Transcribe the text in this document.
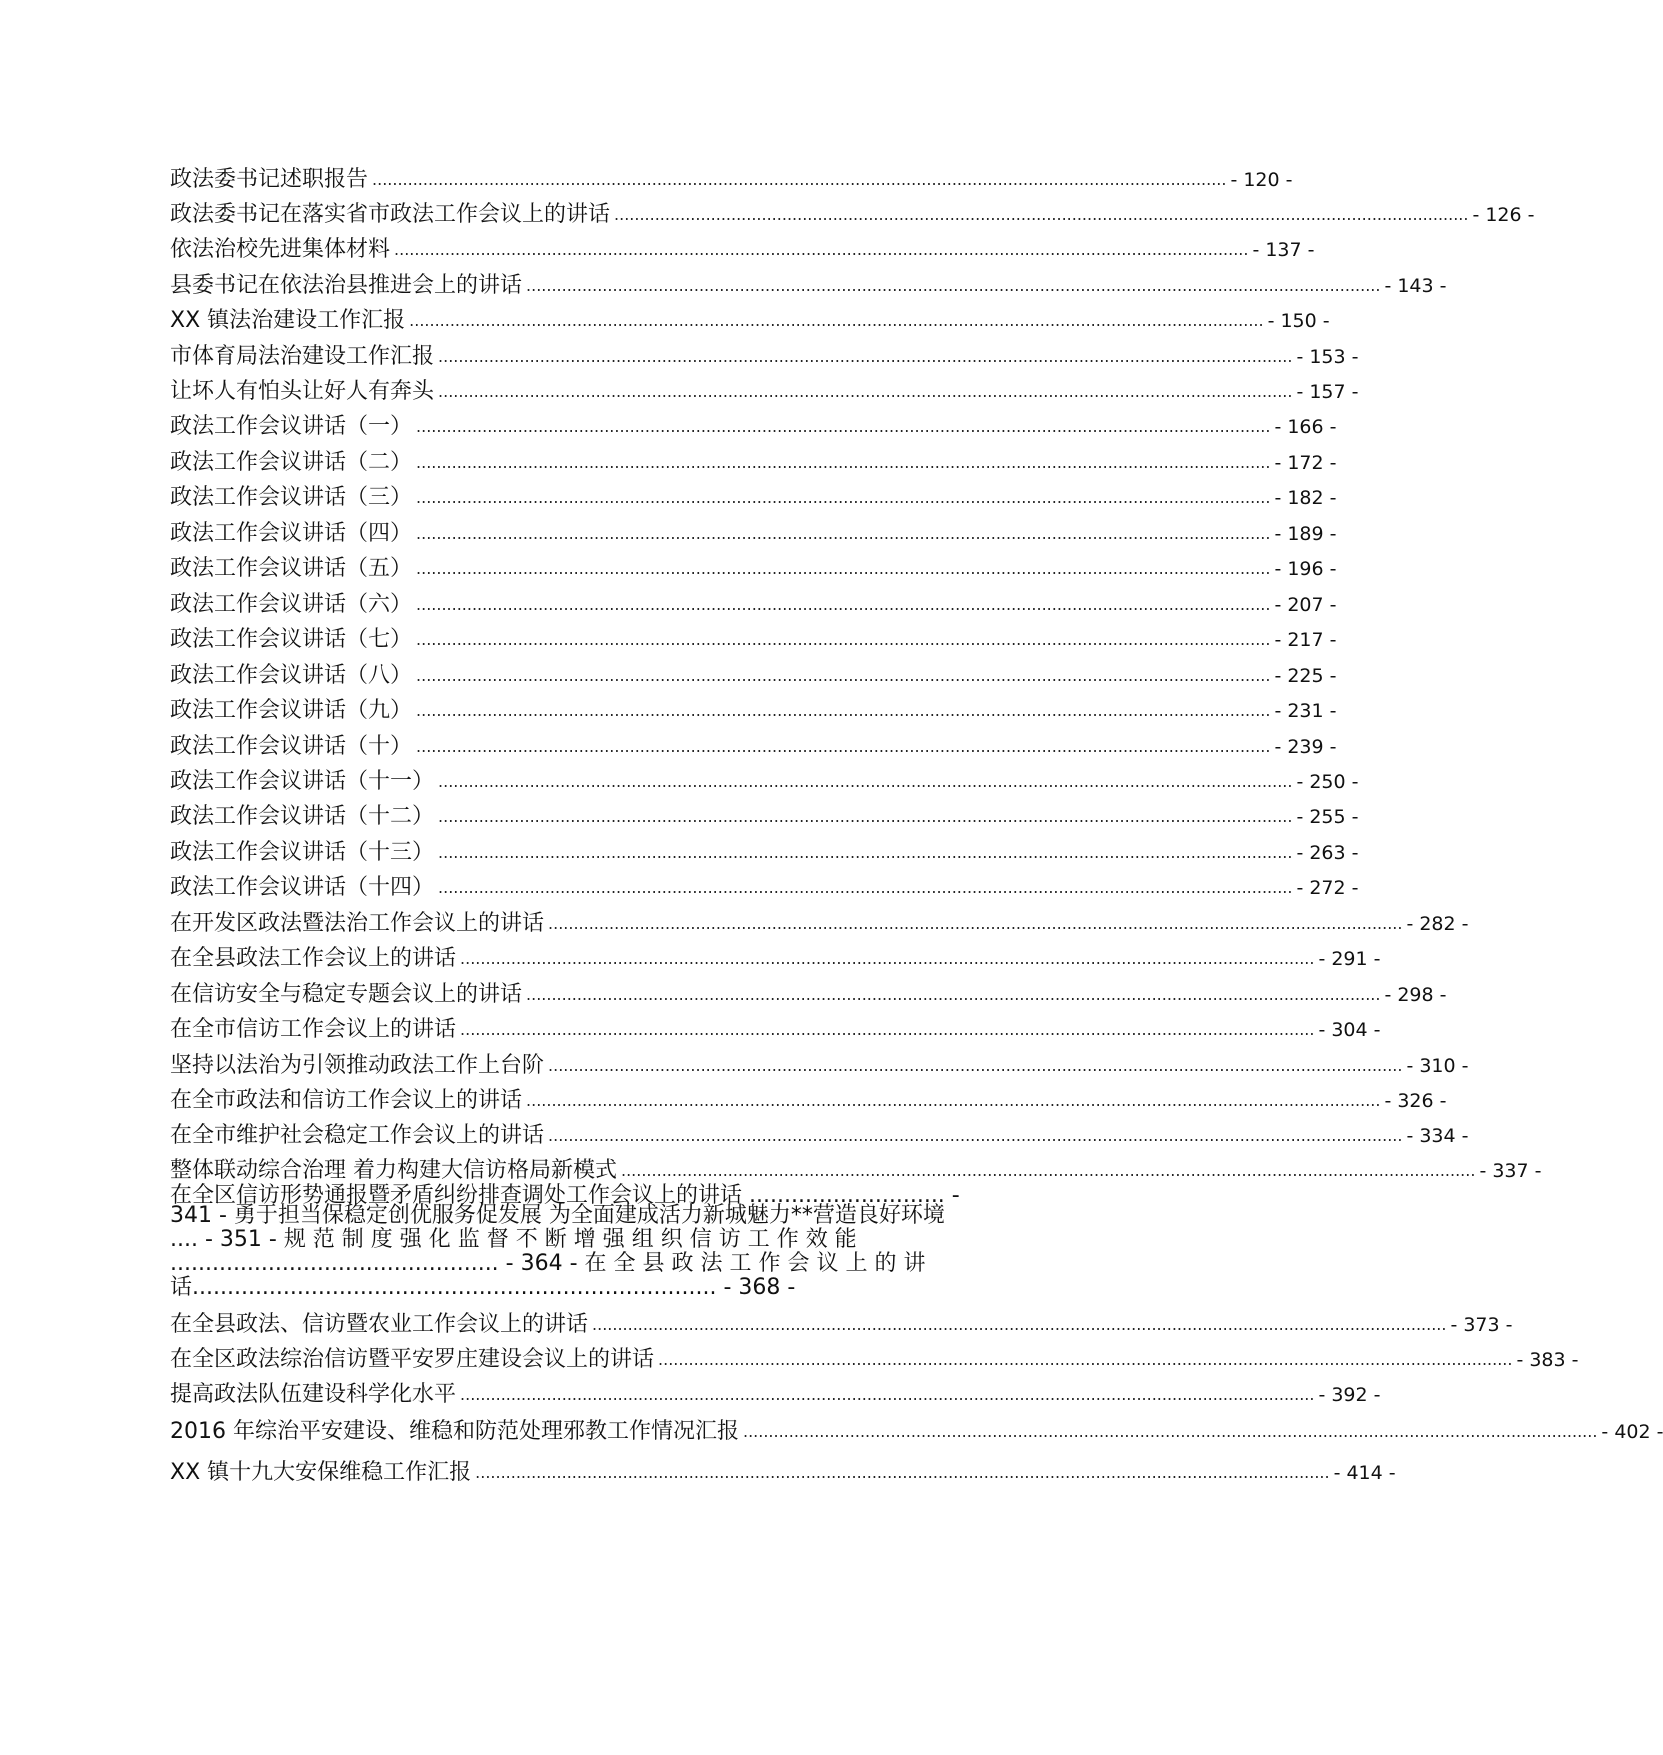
政法委书记述职报告 ........................................................................................................................................................................ - 120 -
政法委书记在落实省市政法工作会议上的讲话 ........................................................................................................................................................................ - 126 -
依法治校先进集体材料 ........................................................................................................................................................................ - 137 -
县委书记在依法治县推进会上的讲话 ........................................................................................................................................................................ - 143 -
XX 镇法治建设工作汇报 ........................................................................................................................................................................ - 150 -
市体育局法治建设工作汇报 ........................................................................................................................................................................ - 153 -
让坏人有怕头让好人有奔头 ........................................................................................................................................................................ - 157 -
政法工作会议讲话（一） ........................................................................................................................................................................ - 166 -
政法工作会议讲话（二） ........................................................................................................................................................................ - 172 -
政法工作会议讲话（三） ........................................................................................................................................................................ - 182 -
政法工作会议讲话（四） ........................................................................................................................................................................ - 189 -
政法工作会议讲话（五） ........................................................................................................................................................................ - 196 -
政法工作会议讲话（六） ........................................................................................................................................................................ - 207 -
政法工作会议讲话（七） ........................................................................................................................................................................ - 217 -
政法工作会议讲话（八） ........................................................................................................................................................................ - 225 -
政法工作会议讲话（九） ........................................................................................................................................................................ - 231 -
政法工作会议讲话（十） ........................................................................................................................................................................ - 239 -
政法工作会议讲话（十一） ........................................................................................................................................................................ - 250 -
政法工作会议讲话（十二） ........................................................................................................................................................................ - 255 -
政法工作会议讲话（十三） ........................................................................................................................................................................ - 263 -
政法工作会议讲话（十四） ........................................................................................................................................................................ - 272 -
在开发区政法暨法治工作会议上的讲话 ........................................................................................................................................................................ - 282 -
在全县政法工作会议上的讲话 ........................................................................................................................................................................ - 291 -
在信访安全与稳定专题会议上的讲话 ........................................................................................................................................................................ - 298 -
在全市信访工作会议上的讲话 ........................................................................................................................................................................ - 304 -
坚持以法治为引领推动政法工作上台阶 ........................................................................................................................................................................ - 310 -
在全市政法和信访工作会议上的讲话 ........................................................................................................................................................................ - 326 -
在全市维护社会稳定工作会议上的讲话 ........................................................................................................................................................................ - 334 -
整体联动综合治理 着力构建大信访格局新模式 ........................................................................................................................................................................ - 337 -
在全区信访形势通报暨矛盾纠纷排查调处工作会议上的讲话 ............................ -
341 - 勇于担当保稳定创优服务促发展 为全面建成活力新城魅力**营造良好环境
.... - 351 - 规 范 制 度 强 化 监 督 不 断 增 强 组 织 信 访 工 作 效 能
............................................... - 364 - 在 全 县 政 法 工 作 会 议 上 的 讲
话........................................................................... - 368 -
在全县政法、信访暨农业工作会议上的讲话 ........................................................................................................................................................................ - 373 -
在全区政法综治信访暨平安罗庄建设会议上的讲话 ........................................................................................................................................................................ - 383 -
提高政法队伍建设科学化水平 ........................................................................................................................................................................ - 392 -
2016 年综治平安建设、维稳和防范处理邪教工作情况汇报 ........................................................................................................................................................................ - 402 -
XX 镇十九大安保维稳工作汇报 ........................................................................................................................................................................ - 414 -
